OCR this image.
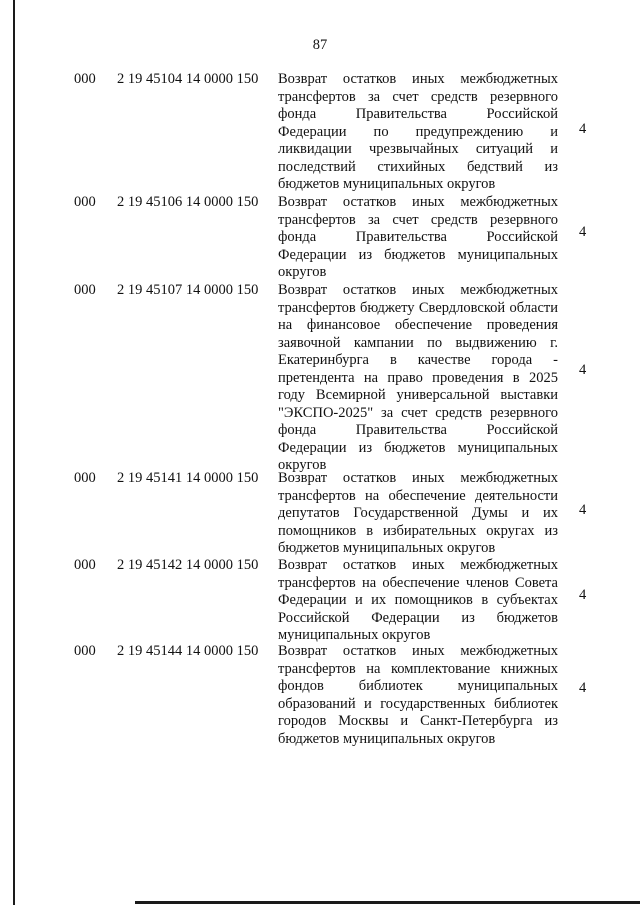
87
000 2 19 45104 14 0000 150 Возврат остатков иных межбюджетных трансфертов за счет средств резервного фонда Правительства Российской Федерации по предупреждению и ликвидации чрезвычайных ситуаций и последствий стихийных бедствий из бюджетов муниципальных округов
4
000 2 19 45106 14 0000 150 Возврат остатков иных межбюджетных трансфертов за счет средств резервного фонда Правительства Российской Федерации из бюджетов муниципальных округов
4
000 2 19 45107 14 0000 150 Возврат остатков иных межбюджетных трансфертов бюджету Свердловской области на финансовое обеспечение проведения заявочной кампании по выдвижению г. Екатеринбурга в качестве города - претендента на право проведения в 2025 году Всемирной универсальной выставки "ЭКСПО-2025" за счет средств резервного фонда Правительства Российской Федерации из бюджетов муниципальных округов
4
000 2 19 45141 14 0000 150 Возврат остатков иных межбюджетных трансфертов на обеспечение деятельности депутатов Государственной Думы и их помощников в избирательных округах из бюджетов муниципальных округов
4
000 2 19 45142 14 0000 150 Возврат остатков иных межбюджетных трансфертов на обеспечение членов Совета Федерации и их помощников в субъектах Российской Федерации из бюджетов муниципальных округов
4
000 2 19 45144 14 0000 150 Возврат остатков иных межбюджетных трансфертов на комплектование книжных фондов библиотек муниципальных образований и государственных библиотек городов Москвы и Санкт-Петербурга из бюджетов муниципальных округов
4
